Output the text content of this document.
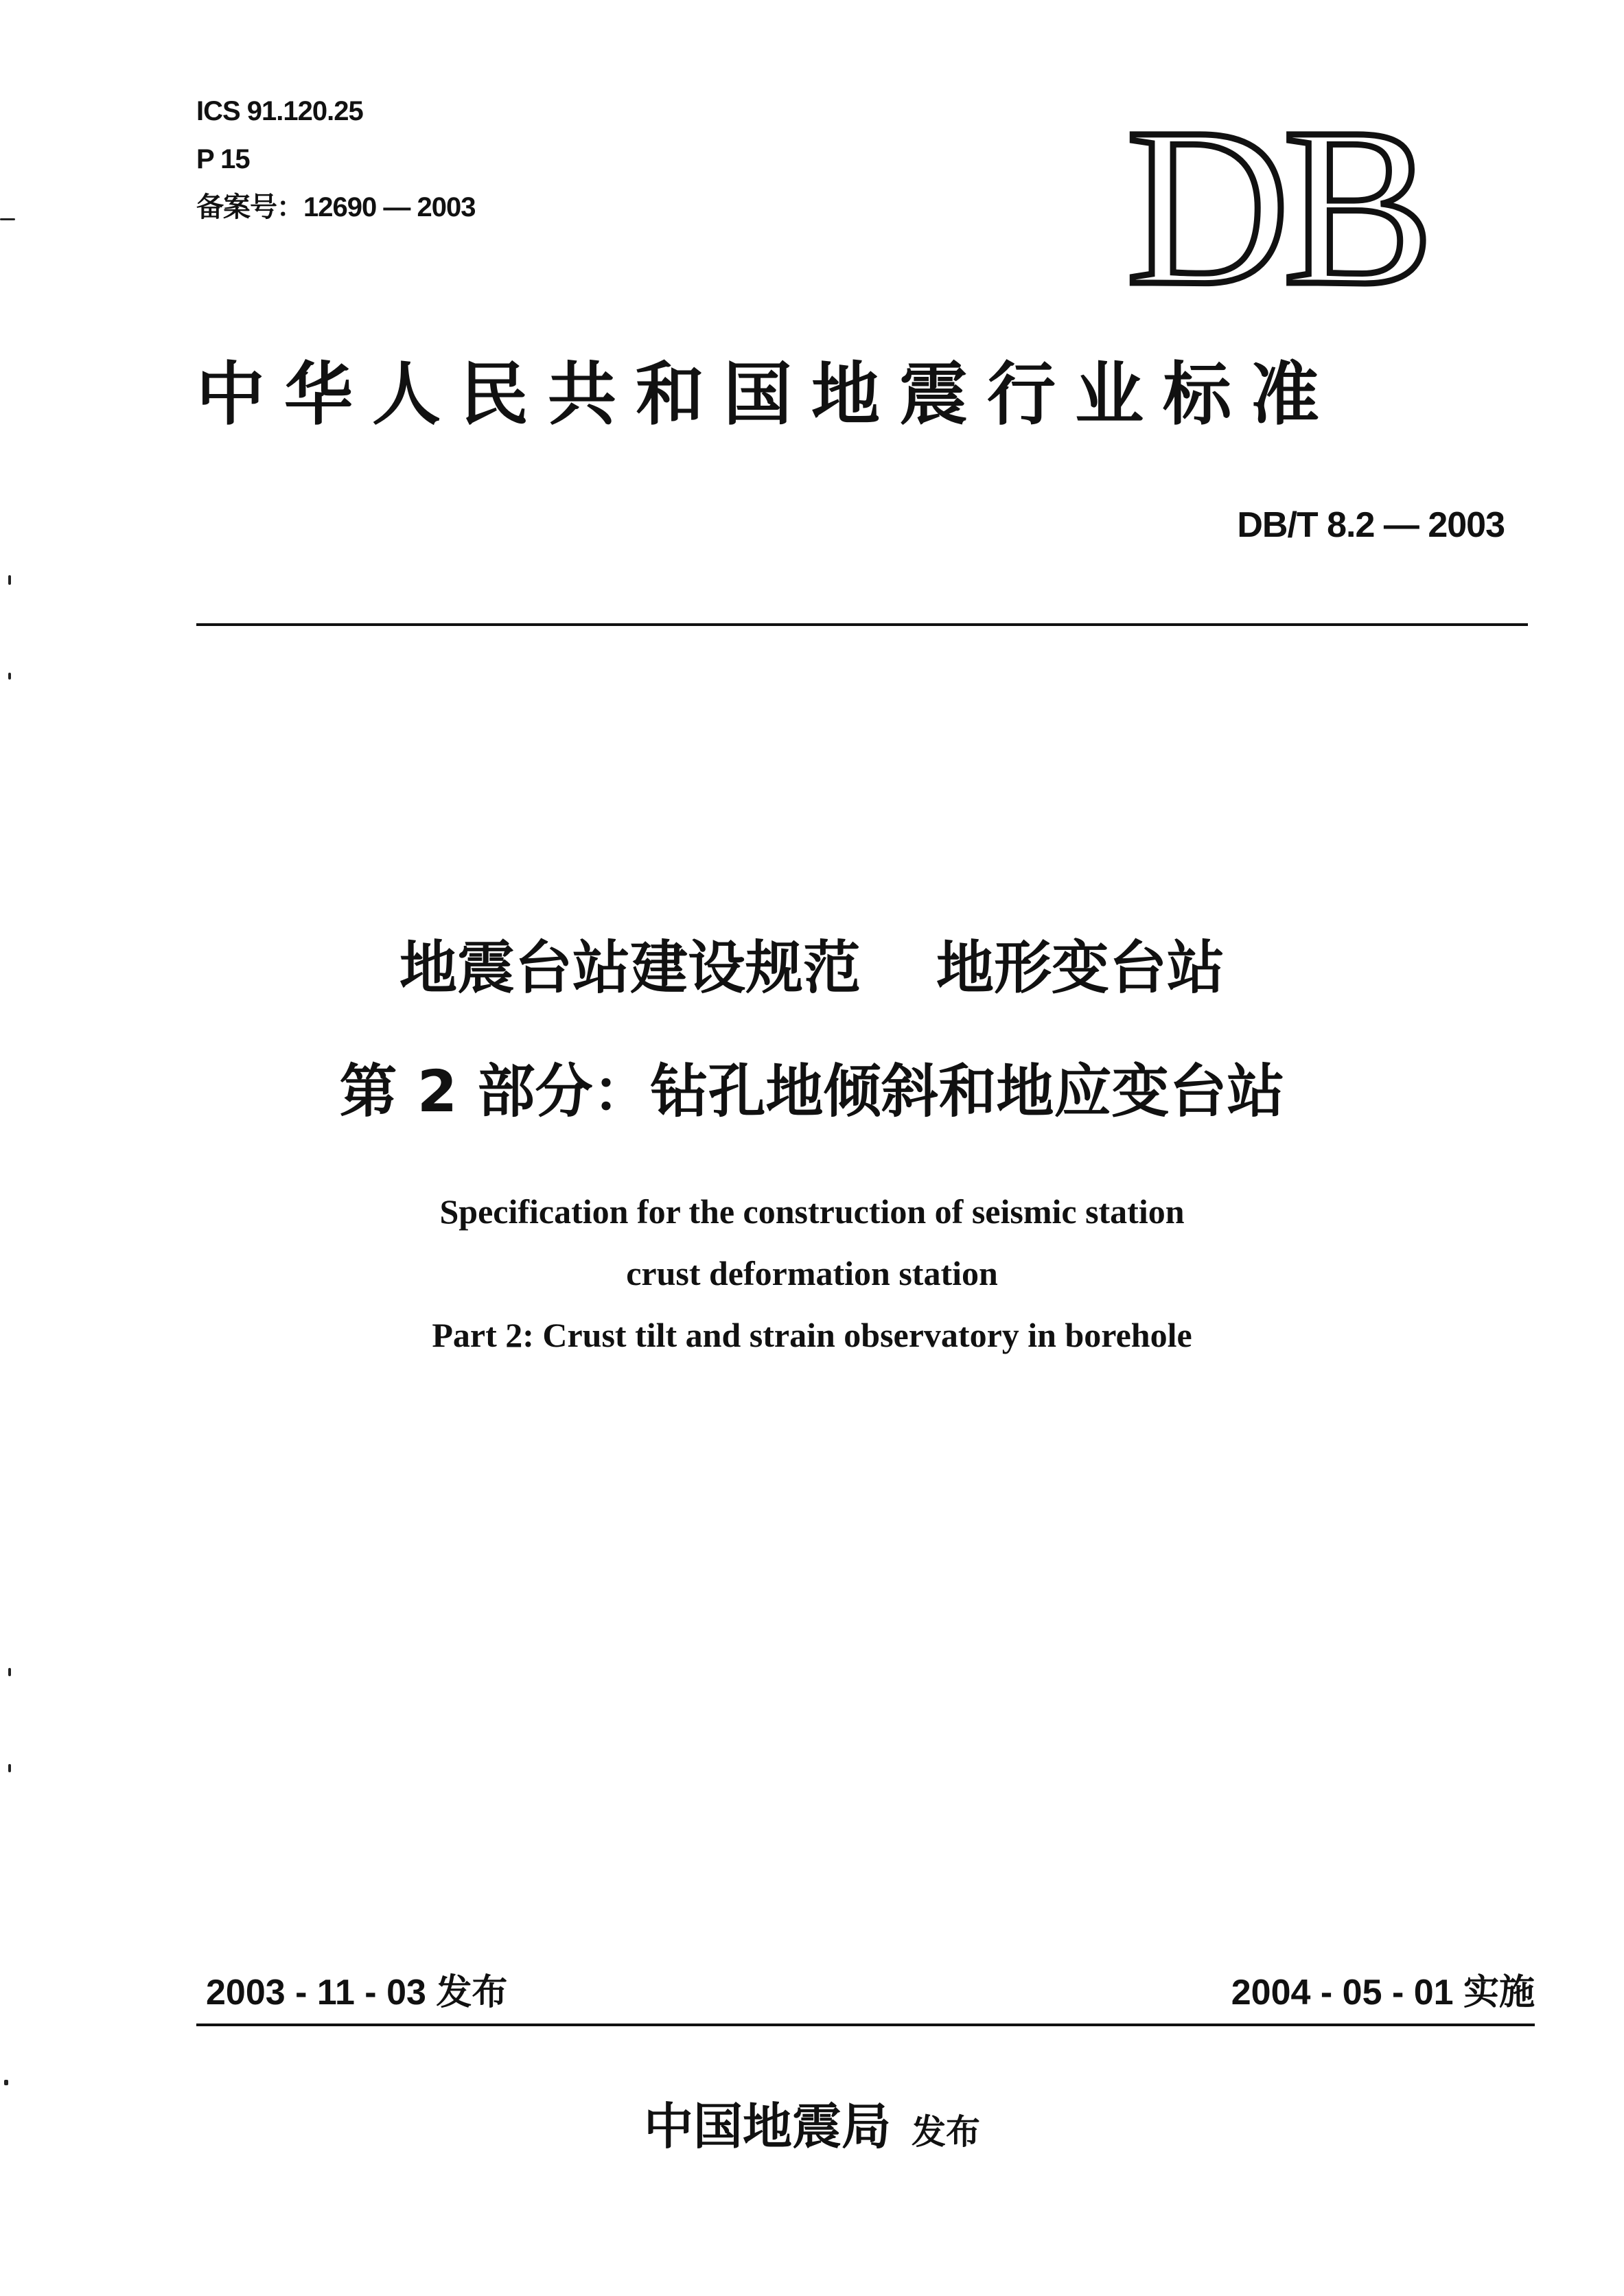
ICS 91.120.25
P 15
备案号：12690 — 2003	DB
中华人民共和国地震行业标准
DB/T 8.2 — 2003
地震台站建设规范 地形变台站
第 2 部分：钻孔地倾斜和地应变台站
Specification for the construction of seismic station
crust deformation station
Part 2: Crust tilt and strain observatory in borehole
2003 - 11 - 03 发布	2004 - 05 - 01 实施
中国地震局 发布
